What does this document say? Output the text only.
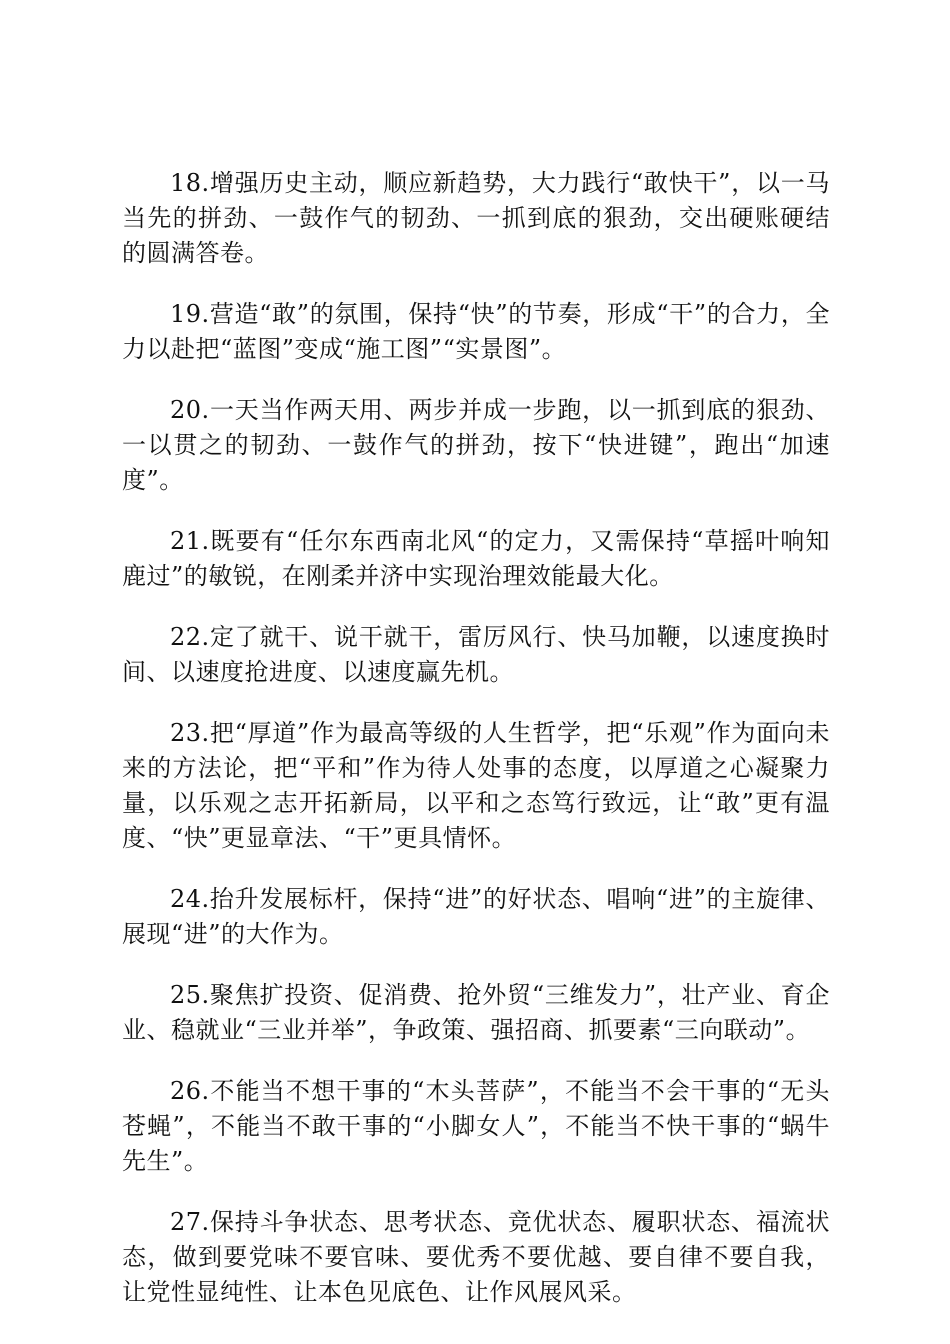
18.增强历史主动，顺应新趋势，大力践行“敢快干”，以一马当先的拼劲、一鼓作气的韧劲、一抓到底的狠劲，交出硬账硬结的圆满答卷。

19.营造“敢”的氛围，保持“快”的节奏，形成“干”的合力，全力以赴把“蓝图”变成“施工图”“实景图”。

20.一天当作两天用、两步并成一步跑，以一抓到底的狠劲、一以贯之的韧劲、一鼓作气的拼劲，按下“快进键”，跑出“加速度”。

21.既要有“任尔东西南北风“的定力，又需保持“草摇叶响知鹿过”的敏锐，在刚柔并济中实现治理效能最大化。

22.定了就干、说干就干，雷厉风行、快马加鞭，以速度换时间、以速度抢进度、以速度赢先机。

23.把“厚道”作为最高等级的人生哲学，把“乐观”作为面向未来的方法论，把“平和”作为待人处事的态度，以厚道之心凝聚力量，以乐观之志开拓新局，以平和之态笃行致远，让“敢”更有温度、“快”更显章法、“干”更具情怀。

24.抬升发展标杆，保持“进”的好状态、唱响“进”的主旋律、展现“进”的大作为。

25.聚焦扩投资、促消费、抢外贸“三维发力”，壮产业、育企业、稳就业“三业并举”，争政策、强招商、抓要素“三向联动”。

26.不能当不想干事的“木头菩萨”，不能当不会干事的“无头苍蝇”，不能当不敢干事的“小脚女人”，不能当不快干事的“蜗牛先生”。

27.保持斗争状态、思考状态、竞优状态、履职状态、福流状态，做到要党味不要官味、要优秀不要优越、要自律不要自我，让党性显纯性、让本色见底色、让作风展风采。
